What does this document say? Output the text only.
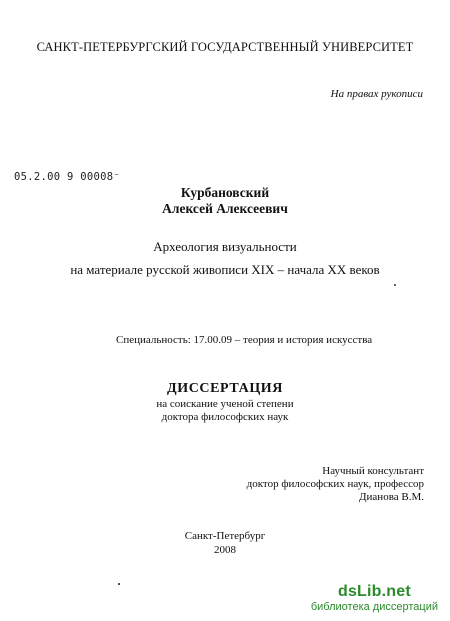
САНКТ-ПЕТЕРБУРГСКИЙ ГОСУДАРСТВЕННЫЙ УНИВЕРСИТЕТ
На правах рукописи
05.2.00 9 00008⁻
Курбановский
Алексей Алексеевич
Археология визуальности
на материале русской живописи XIX – начала XX веков
Специальность: 17.00.09 – теория и история искусства
ДИССЕРТАЦИЯ
на соискание ученой степени
доктора философских наук
Научный консультант
доктор философских наук, профессор
Дианова В.М.
Санкт-Петербург
2008
dsLib.net
библиотека диссертаций
